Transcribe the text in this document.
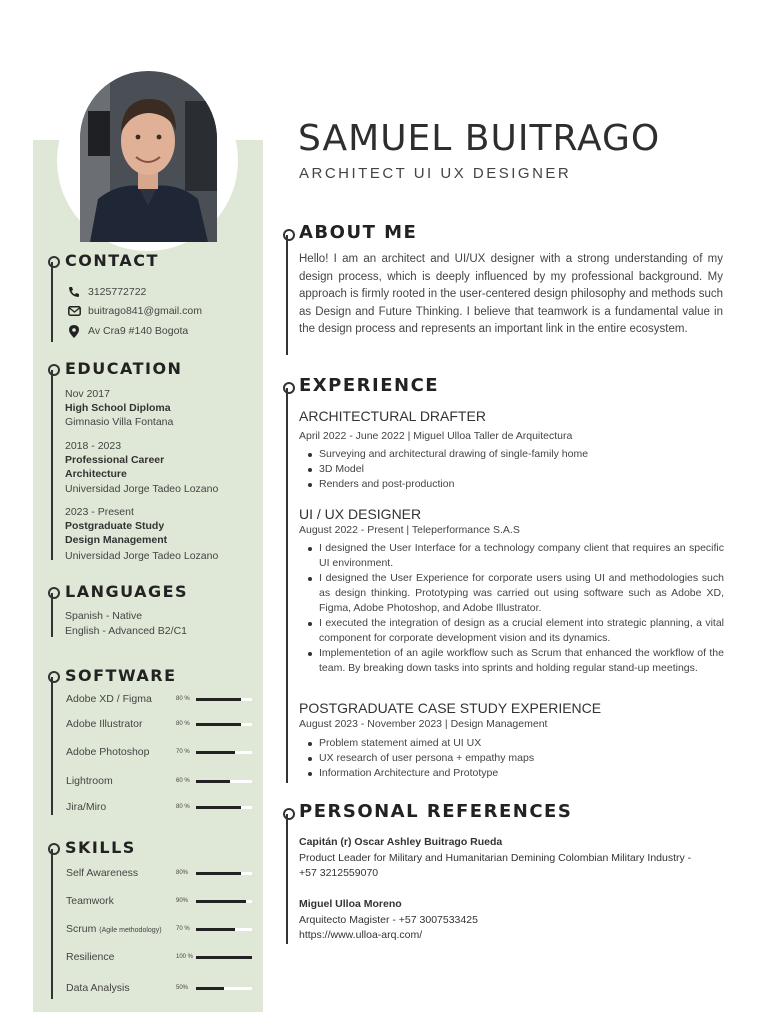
CONTACT
3125772722
buitrago841@gmail.com
Av Cra9 #140 Bogota
EDUCATION
Nov 2017
High School Diploma
Gimnasio Villa Fontana
2018 - 2023
Professional Career
Architecture
Universidad Jorge Tadeo Lozano
2023 - Present
Postgraduate Study
Design Management
Universidad Jorge Tadeo Lozano
LANGUAGES
Spanish - Native
English - Advanced B2/C1
SOFTWARE
Adobe XD / Figma	80 %
Adobe Illustrator	80 %
Adobe Photoshop	70 %
Lightroom	60 %
Jira/Miro	80 %
SKILLS
Self Awareness	80%
Teamwork	90%
Scrum (Agile methodology) 70 %
Resilience	100 %
Data Analysis	50%
SAMUEL BUITRAGO
ARCHITECT UI UX DESIGNER
ABOUT ME
Hello! I am an architect and UI/UX designer with a strong understanding of my design process, which is deeply influenced by my professional background. My approach is firmly rooted in the user-centered design philosophy and methods such as Design and Future Thinking. I believe that teamwork is a fundamental value in the design process and represents an important link in the entire ecosystem.
EXPERIENCE
ARCHITECTURAL DRAFTER
April 2022 - June 2022 | Miguel Ulloa Taller de Arquitectura
Surveying and architectural drawing of single-family home
3D Model
Renders and post-production
UI / UX DESIGNER
August 2022 - Present | Teleperformance S.A.S
I designed the User Interface for a technology company client that requires an specific UI environment.
I designed the User Experience for corporate users using UI and methodologies such as design thinking. Prototyping was carried out using software such as Adobe XD, Figma, Adobe Photoshop, and Adobe Illustrator.
I executed the integration of design as a crucial element into strategic planning, a vital component for corporate development vision and its dynamics.
Implementetion of an agile workflow such as Scrum that enhanced the workflow of the team. By breaking down tasks into sprints and holding regular stand-up meetings.
POSTGRADUATE CASE STUDY EXPERIENCE
August 2023 - November 2023 | Design Management
Problem statement aimed at UI UX
UX research of user persona + empathy maps
Information Architecture and Prototype
PERSONAL REFERENCES
Capitán (r) Oscar Ashley Buitrago Rueda
Product Leader for Military and Humanitarian Demining Colombian Military Industry - +57 3212559070
Miguel Ulloa Moreno
Arquitecto Magister - +57 3007533425
https://www.ulloa-arq.com/
